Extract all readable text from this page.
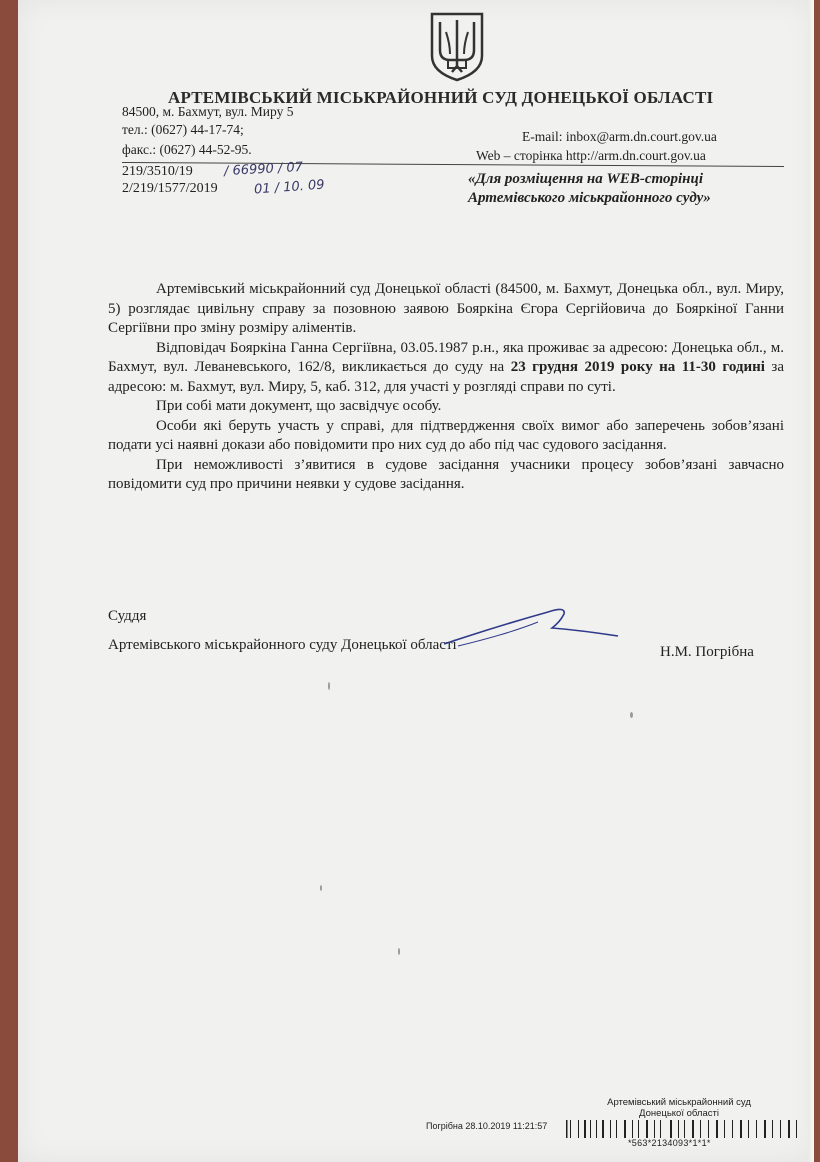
АРТЕМІВСЬКИЙ МІСЬКРАЙОННИЙ СУД ДОНЕЦЬКОЇ ОБЛАСТІ
84500, м. Бахмут, вул. Миру 5
тел.: (0627) 44-17-74;
факс.: (0627) 44-52-95.
E-mail: inbox@arm.dn.court.gov.ua
Web – сторінка http://arm.dn.court.gov.ua
219/3510/19
2/219/1577/2019
/ 66990 / 07
01 / 10. 09	«Для розміщення на WEB-сторінці
Артемівського міськрайонного суду»

Артемівський міськрайонний суд Донецької області (84500, м. Бахмут, Донецька обл., вул. Миру, 5) розглядає цивільну справу за позовною заявою Бояркіна Єгора Сергійовича до Бояркіної Ганни Сергіївни про зміну розміру аліментів.

Відповідач Бояркіна Ганна Сергіївна, 03.05.1987 р.н., яка проживає за адресою: Донецька обл., м. Бахмут, вул. Леваневського, 162/8, викликається до суду на 23 грудня 2019 року на 11-30 годині за адресою: м. Бахмут, вул. Миру, 5, каб. 312, для участі у розгляді справи по суті.

При собі мати документ, що засвідчує особу.

Особи які беруть участь у справі, для підтвердження своїх вимог або заперечень зобов’язані подати усі наявні докази або повідомити про них суд до або під час судового засідання.

При неможливості з’явитися в судове засідання учасники процесу зобов’язані завчасно повідомити суд про причини неявки у судове засідання.

Суддя
Артемівського міськрайонного суду Донецької області	Н.М. Погрібна
Артемівський міськрайонний суд Донецької області
Погрібна 28.10.2019 11:21:57
*563*2134093*1*1*
